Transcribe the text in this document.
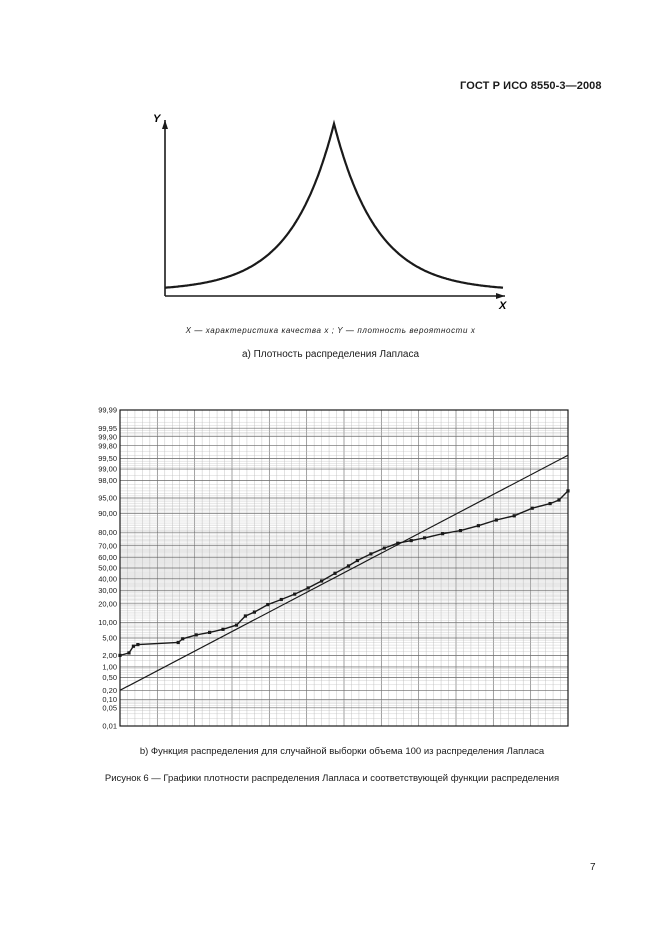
ГОСТ Р ИСО 8550-3—2008
Y
X
X — характеристика качества x ; Y — плотность вероятности x
а) Плотность распределения Лапласа
99,99
99,95
99,90
99,80
99,50
99,00
98,00
95,00
90,00
80,00
70,00
60,00
50,00
40,00
30,00
20,00
10,00
5,00
2,00
1,00
0,50
0,20
0,10
0,05
0,01
b) Функция распределения для случайной выборки объема 100 из распределения Лапласа
Рисунок 6 — Графики плотности распределения Лапласа и соответствующей функции распределения
7
